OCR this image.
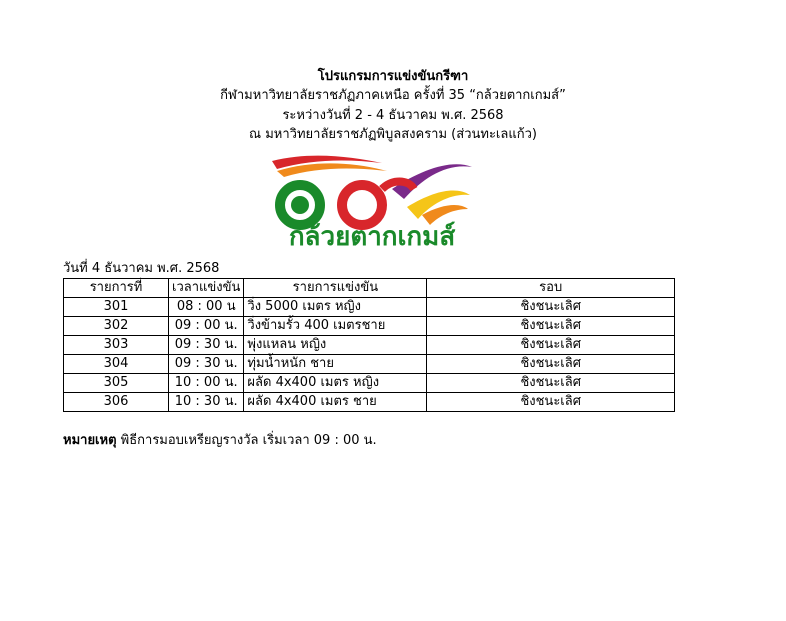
โปรแกรมการแข่งขันกรีฑา
กีฬามหาวิทยาลัยราชภัฏภาคเหนือ ครั้งที่ 35 “กล้วยตากเกมส์”
ระหว่างวันที่ 2 - 4 ธันวาคม พ.ศ. 2568
ณ มหาวิทยาลัยราชภัฏพิบูลสงคราม (ส่วนทะเลแก้ว)
กล้วยตากเกมส์
วันที่ 4 ธันวาคม พ.ศ. 2568
รายการที่	เวลาแข่งขัน	รายการแข่งขัน	รอบ
301	08 : 00 น	วิ่ง 5000 เมตร หญิง	ชิงชนะเลิศ
302	09 : 00 น.	วิ่งข้ามรั้ว 400 เมตรชาย	ชิงชนะเลิศ
303	09 : 30 น.	พุ่งแหลน หญิง	ชิงชนะเลิศ
304	09 : 30 น.	ทุ่มน้ำหนัก ชาย	ชิงชนะเลิศ
305	10 : 00 น.	ผลัด 4x400 เมตร หญิง	ชิงชนะเลิศ
306	10 : 30 น.	ผลัด 4x400 เมตร ชาย	ชิงชนะเลิศ
หมายเหตุ พิธีการมอบเหรียญรางวัล เริ่มเวลา 09 : 00 น.
